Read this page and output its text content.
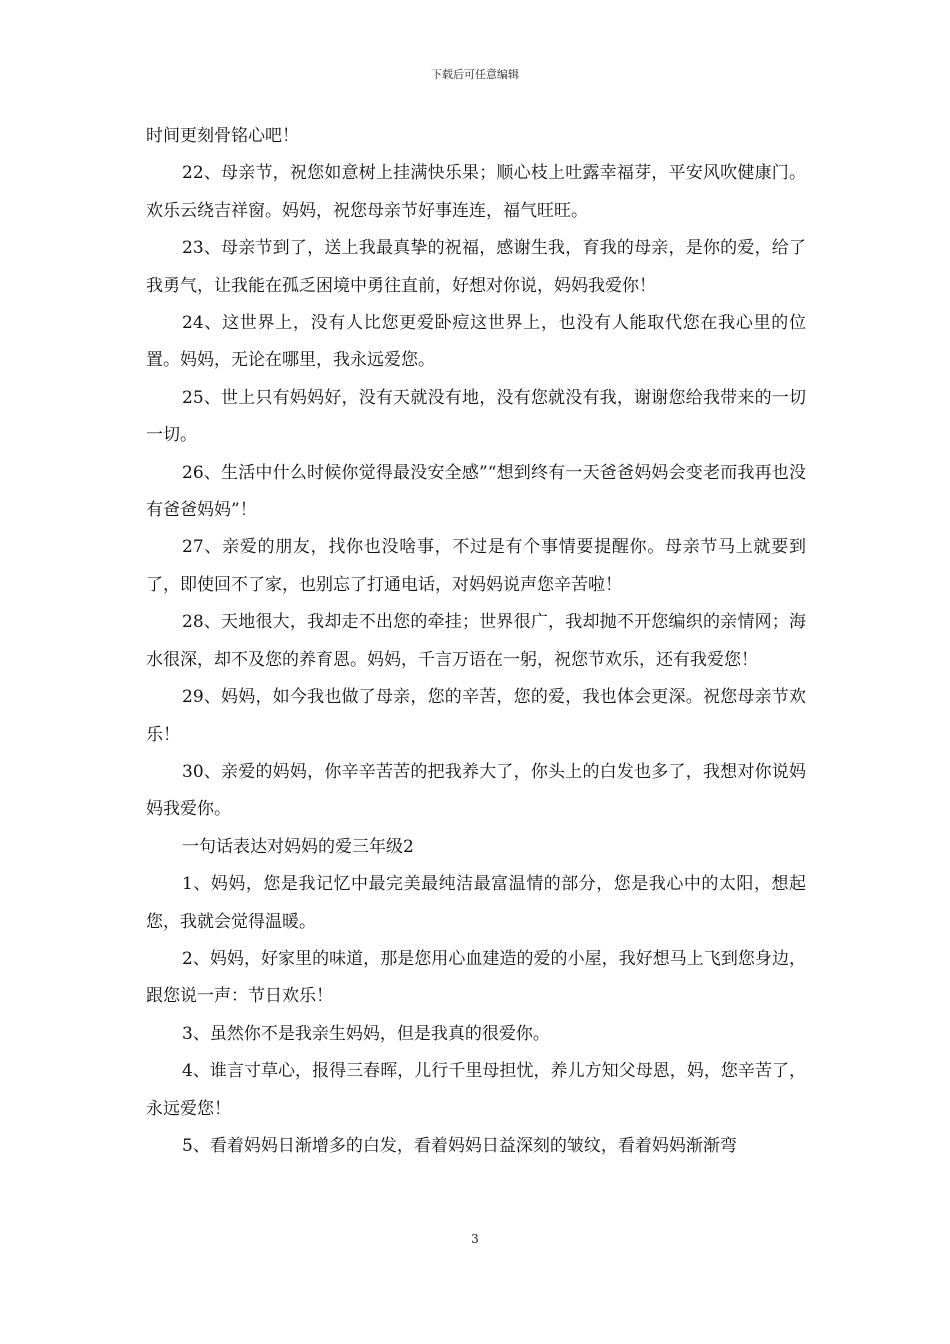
下载后可任意编辑

时间更刻骨铭心吧！

22、母亲节，祝您如意树上挂满快乐果；顺心枝上吐露幸福芽，平安风吹健康门。欢乐云绕吉祥窗。妈妈，祝您母亲节好事连连，福气旺旺。

23、母亲节到了，送上我最真挚的祝福，感谢生我，育我的母亲，是你的爱，给了我勇气，让我能在孤乏困境中勇往直前，好想对你说，妈妈我爱你！

24、这世界上，没有人比您更爱卧痘这世界上，也没有人能取代您在我心里的位置。妈妈，无论在哪里，我永远爱您。

25、世上只有妈妈好，没有天就没有地，没有您就没有我，谢谢您给我带来的一切一切。

26、生活中什么时候你觉得最没安全感”“想到终有一天爸爸妈妈会变老而我再也没有爸爸妈妈”！

27、亲爱的朋友，找你也没啥事，不过是有个事情要提醒你。母亲节马上就要到了，即使回不了家，也别忘了打通电话，对妈妈说声您辛苦啦！

28、天地很大，我却走不出您的牵挂；世界很广，我却抛不开您编织的亲情网；海水很深，却不及您的养育恩。妈妈，千言万语在一躬，祝您节欢乐，还有我爱您！

29、妈妈，如今我也做了母亲，您的辛苦，您的爱，我也体会更深。祝您母亲节欢乐！

30、亲爱的妈妈，你辛辛苦苦的把我养大了，你头上的白发也多了，我想对你说妈妈我爱你。

一句话表达对妈妈的爱三年级2

1、妈妈，您是我记忆中最完美最纯洁最富温情的部分，您是我心中的太阳，想起您，我就会觉得温暖。

2、妈妈，好家里的味道，那是您用心血建造的爱的小屋，我好想马上飞到您身边，跟您说一声：节日欢乐！

3、虽然你不是我亲生妈妈，但是我真的很爱你。

4、谁言寸草心，报得三春晖，儿行千里母担忧，养儿方知父母恩，妈，您辛苦了，永远爱您！

5、看着妈妈日渐增多的白发，看着妈妈日益深刻的皱纹，看着妈妈渐渐弯

3
